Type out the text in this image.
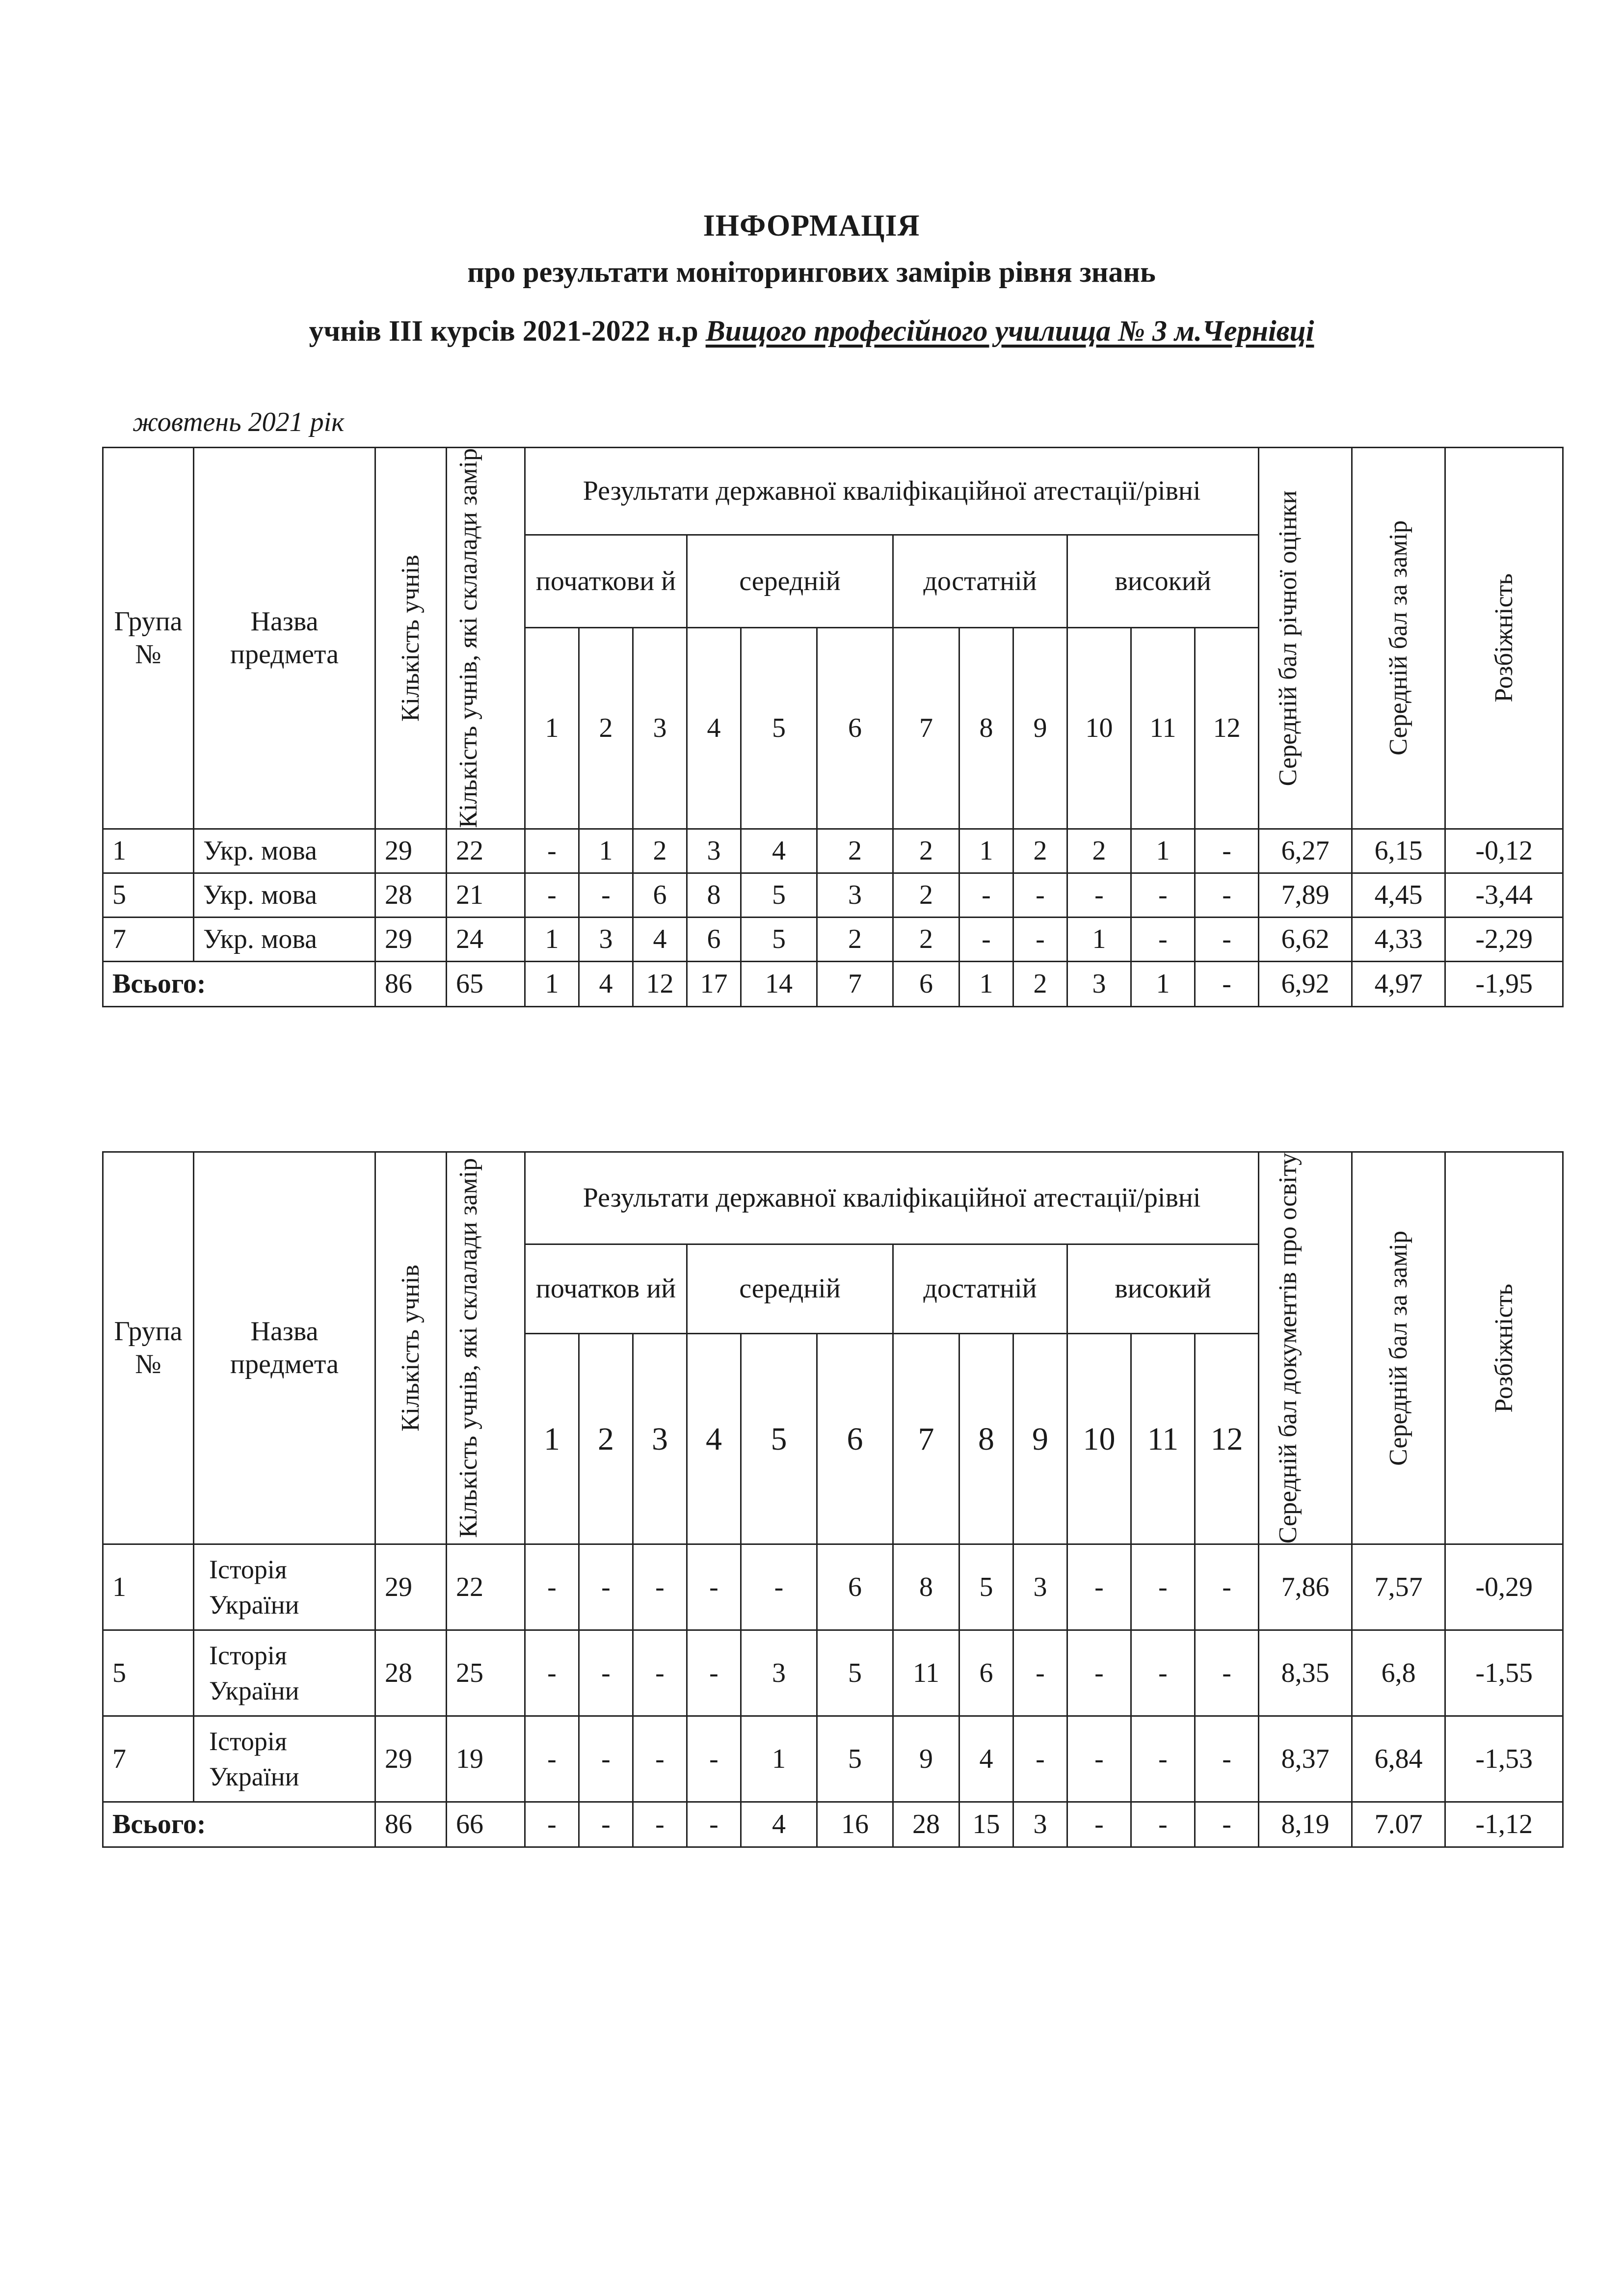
ІНФОРМАЦІЯ
про результати моніторингових замірів рівня знань
учнів ІІІ курсів 2021-2022 н.р Вищого професійного училища № 3 м.Чернівці
жовтень 2021 рік
Група №	Назва предмета	Кількість учнів	Кількість учнів, які склалади замір	Результати державної кваліфікаційної атестації/рівні												Середній бал річної оцінки	Середній бал за замір	Розбіжність

				початкови й			середній			достатній			високий					
				1	2	3	4	5	6	7	8	9	10	11	12			
1	Укр. мова	29	22	-	1	2	3	4	2	2	1	2	2	1	-	6,27	6,15	-0,12
5	Укр. мова	28	21	-	-	6	8	5	3	2	-	-	-	-	-	7,89	4,45	-3,44
7	Укр. мова	29	24	1	3	4	6	5	2	2	-	-	1	-	-	6,62	4,33	-2,29
Всього:		86	65	1	4	12	17	14	7	6	1	2	3	1	-	6,92	4,97	-1,95
Група №	Назва предмета	Кількість учнів	Кількість учнів, які склалади замір	Результати державної кваліфікаційної атестації/рівні												Середній бал документів про освіту	Середній бал за замір	Розбіжність

				початков ий			середній			достатній			високий					
				1	2	3	4	5	6	7	8	9	10	11	12			
1	Історія України	29	22	-	-	-	-	-	6	8	5	3	-	-	-	7,86	7,57	-0,29
5	Історія України	28	25	-	-	-	-	3	5	11	6	-	-	-	-	8,35	6,8	-1,55
7	Історія України	29	19	-	-	-	-	1	5	9	4	-	-	-	-	8,37	6,84	-1,53
Всього:		86	66	-	-	-	-	4	16	28	15	3	-	-	-	8,19	7.07	-1,12
